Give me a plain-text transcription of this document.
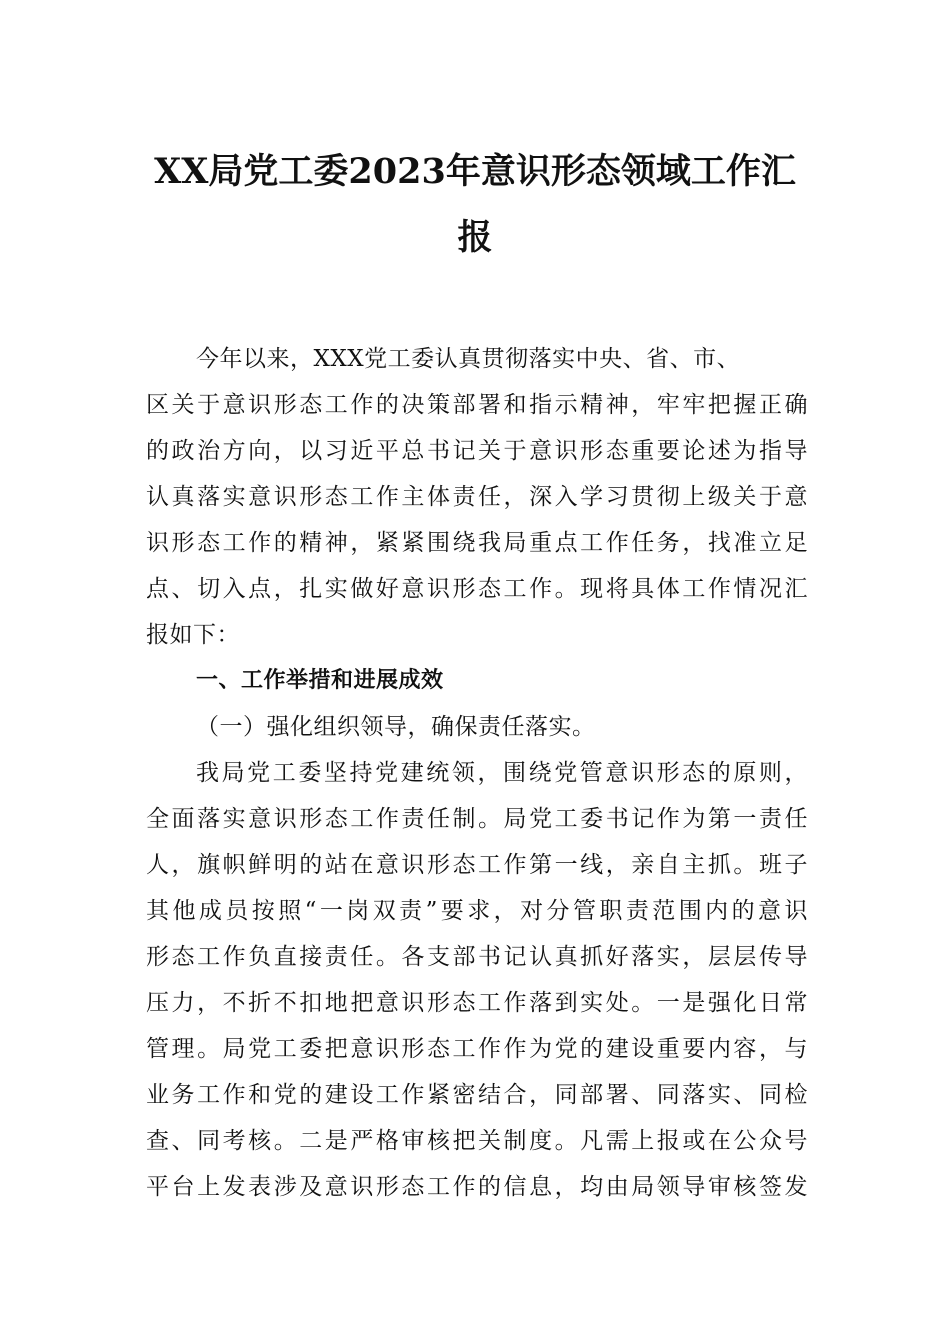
XX局党工委2023年意识形态领域工作汇
报
今年以来，XXX党工委认真贯彻落实中央、省、市、
区关于意识形态工作的决策部署和指示精神，牢牢把握正确
的政治方向，以习近平总书记关于意识形态重要论述为指导
认真落实意识形态工作主体责任，深入学习贯彻上级关于意
识形态工作的精神，紧紧围绕我局重点工作任务，找准立足
点、切入点，扎实做好意识形态工作。现将具体工作情况汇
报如下：
一、工作举措和进展成效
（一）强化组织领导，确保责任落实。
我局党工委坚持党建统领，围绕党管意识形态的原则，
全面落实意识形态工作责任制。局党工委书记作为第一责任
人，旗帜鲜明的站在意识形态工作第一线，亲自主抓。班子
其他成员按照“一岗双责”要求，对分管职责范围内的意识
形态工作负直接责任。各支部书记认真抓好落实，层层传导
压力，不折不扣地把意识形态工作落到实处。一是强化日常
管理。局党工委把意识形态工作作为党的建设重要内容，与
业务工作和党的建设工作紧密结合，同部署、同落实、同检
查、同考核。二是严格审核把关制度。凡需上报或在公众号
平台上发表涉及意识形态工作的信息，均由局领导审核签发
